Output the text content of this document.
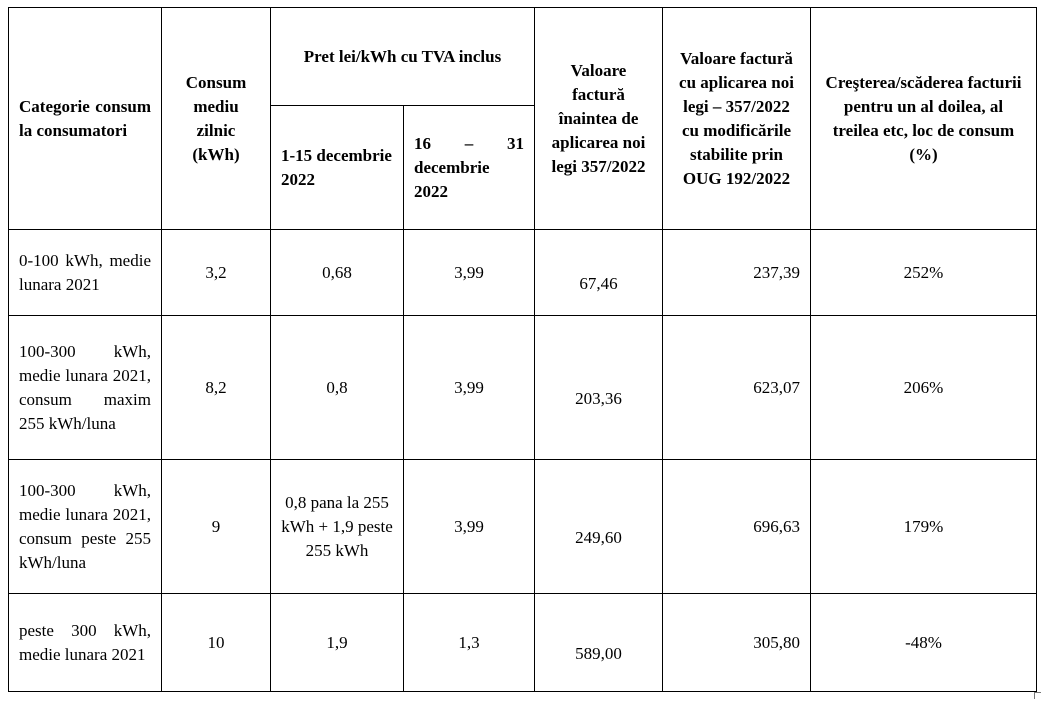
Categorie consum la consumatori	Consum mediu zilnic (kWh)	Pret lei/kWh cu TVA inclus		Valoare factură înaintea de aplicarea noi legi 357/2022	Valoare factură cu aplicarea noi legi – 357/2022 cu modificările stabilite prin OUG 192/2022	Creşterea/scăderea facturii pentru un al doilea, al treilea etc, loc de consum (%)
		1-15 decembrie 2022	16 – 31 decembrie 2022			
0-100 kWh, medie lunara 2021	3,2	0,68	3,99	67,46	237,39	252%
100-300 kWh, medie lunara 2021, consum maxim 255 kWh/luna	8,2	0,8	3,99	203,36	623,07	206%
100-300 kWh, medie lunara 2021, consum peste 255 kWh/luna	9	0,8 pana la 255 kWh + 1,9 peste 255 kWh	3,99	249,60	696,63	179%
peste 300 kWh, medie lunara 2021	10	1,9	1,3	589,00	305,80	-48%
